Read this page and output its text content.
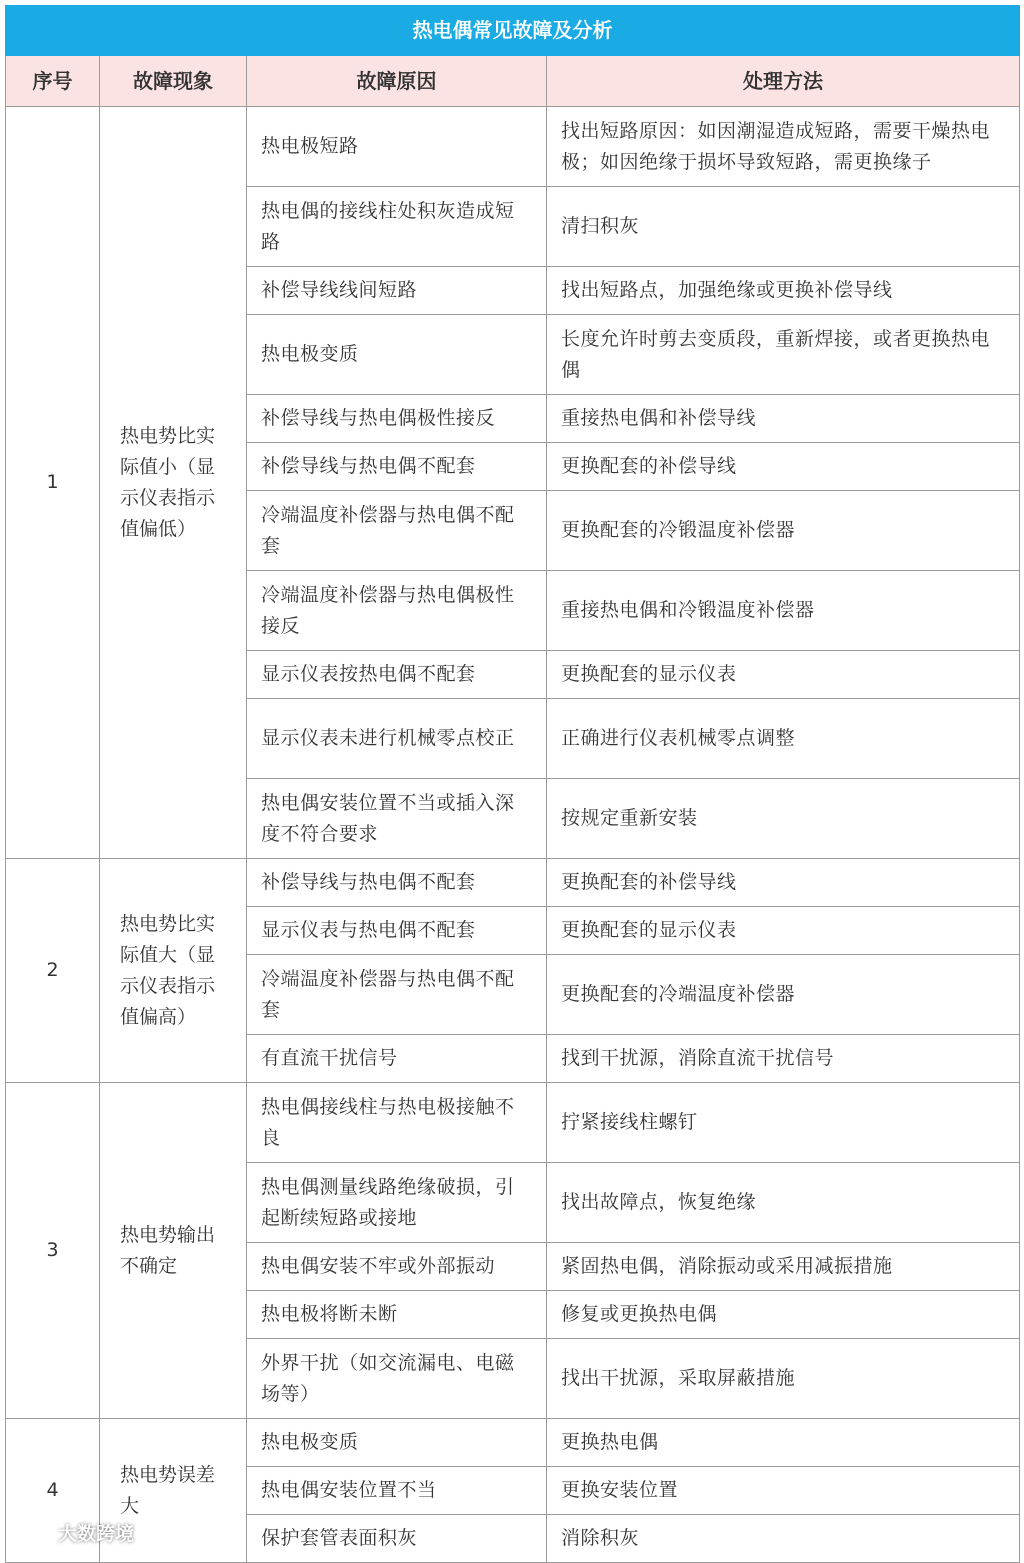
热电偶常见故障及分析			
序号	故障现象	故障原因	处理方法
1	热电势比实际值小（显示仪表指示值偏低）	热电极短路	找出短路原因：如因潮湿造成短路，需要干燥热电极；如因绝缘于损坏导致短路，需更换缘子
		热电偶的接线柱处积灰造成短路	清扫积灰
		补偿导线线间短路	找出短路点，加强绝缘或更换补偿导线
		热电极变质	长度允许时剪去变质段，重新焊接，或者更换热电偶
		补偿导线与热电偶极性接反	重接热电偶和补偿导线
		补偿导线与热电偶不配套	更换配套的补偿导线
		冷端温度补偿器与热电偶不配套	更换配套的冷锻温度补偿器
		冷端温度补偿器与热电偶极性接反	重接热电偶和冷锻温度补偿器
		显示仪表按热电偶不配套	更换配套的显示仪表
		显示仪表未进行机械零点校正	正确进行仪表机械零点调整
		热电偶安装位置不当或插入深度不符合要求	按规定重新安装
2	热电势比实际值大（显示仪表指示值偏高）	补偿导线与热电偶不配套	更换配套的补偿导线
		显示仪表与热电偶不配套	更换配套的显示仪表
		冷端温度补偿器与热电偶不配套	更换配套的冷端温度补偿器
		有直流干扰信号	找到干扰源，消除直流干扰信号
3	热电势输出不确定	热电偶接线柱与热电极接触不良	拧紧接线柱螺钉
		热电偶测量线路绝缘破损，引起断续短路或接地	找出故障点，恢复绝缘
		热电偶安装不牢或外部振动	紧固热电偶，消除振动或采用减振措施
		热电极将断未断	修复或更换热电偶
		外界干扰（如交流漏电、电磁场等）	找出干扰源，采取屏蔽措施
4	热电势误差大	热电极变质	更换热电偶
		热电偶安装位置不当	更换安装位置
		保护套管表面积灰	消除积灰
大数跨境
